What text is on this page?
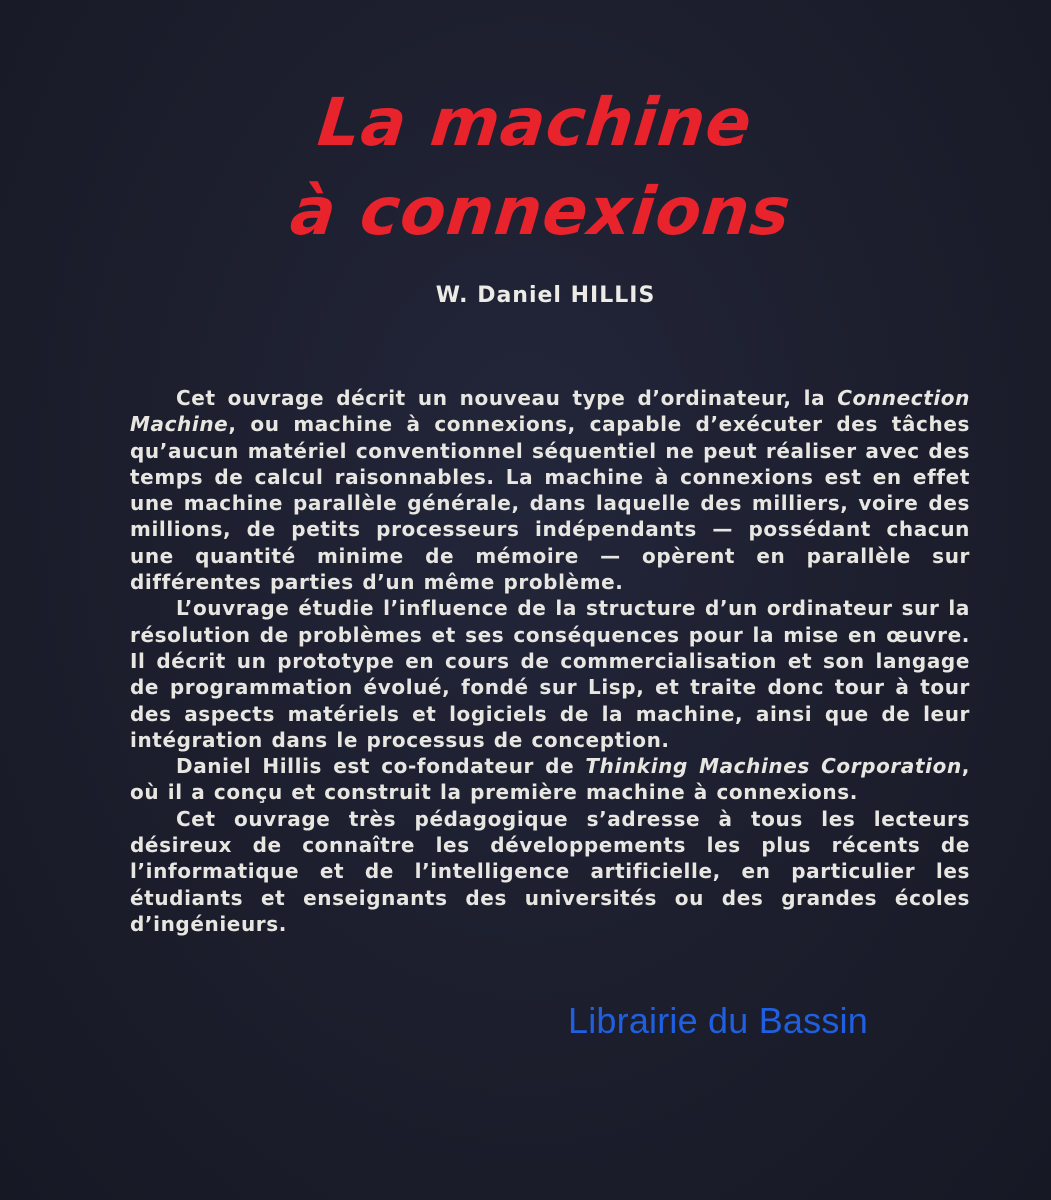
La machine
à connexions
W. Daniel HILLIS

Cet ouvrage décrit un nouveau type d’ordinateur, la Connection Machine, ou machine à connexions, capable d’exécuter des tâches qu’aucun matériel conventionnel séquentiel ne peut réaliser avec des temps de calcul raisonnables. La machine à connexions est en effet une machine parallèle générale, dans laquelle des milliers, voire des millions, de petits processeurs indépendants — possédant chacun une quantité minime de mémoire — opèrent en parallèle sur différentes parties d’un même problème.

L’ouvrage étudie l’influence de la structure d’un ordinateur sur la résolution de problèmes et ses conséquences pour la mise en œuvre. Il décrit un prototype en cours de commercialisation et son langage de programmation évolué, fondé sur Lisp, et traite donc tour à tour des aspects matériels et logiciels de la machine, ainsi que de leur intégration dans le processus de conception.

Daniel Hillis est co-fondateur de Thinking Machines Corporation, où il a conçu et construit la première machine à connexions.

Cet ouvrage très pédagogique s’adresse à tous les lecteurs désireux de connaître les développements les plus récents de l’informatique et de l’intelligence artificielle, en particulier les étudiants et enseignants des universités ou des grandes écoles d’ingénieurs.

Librairie du Bassin
